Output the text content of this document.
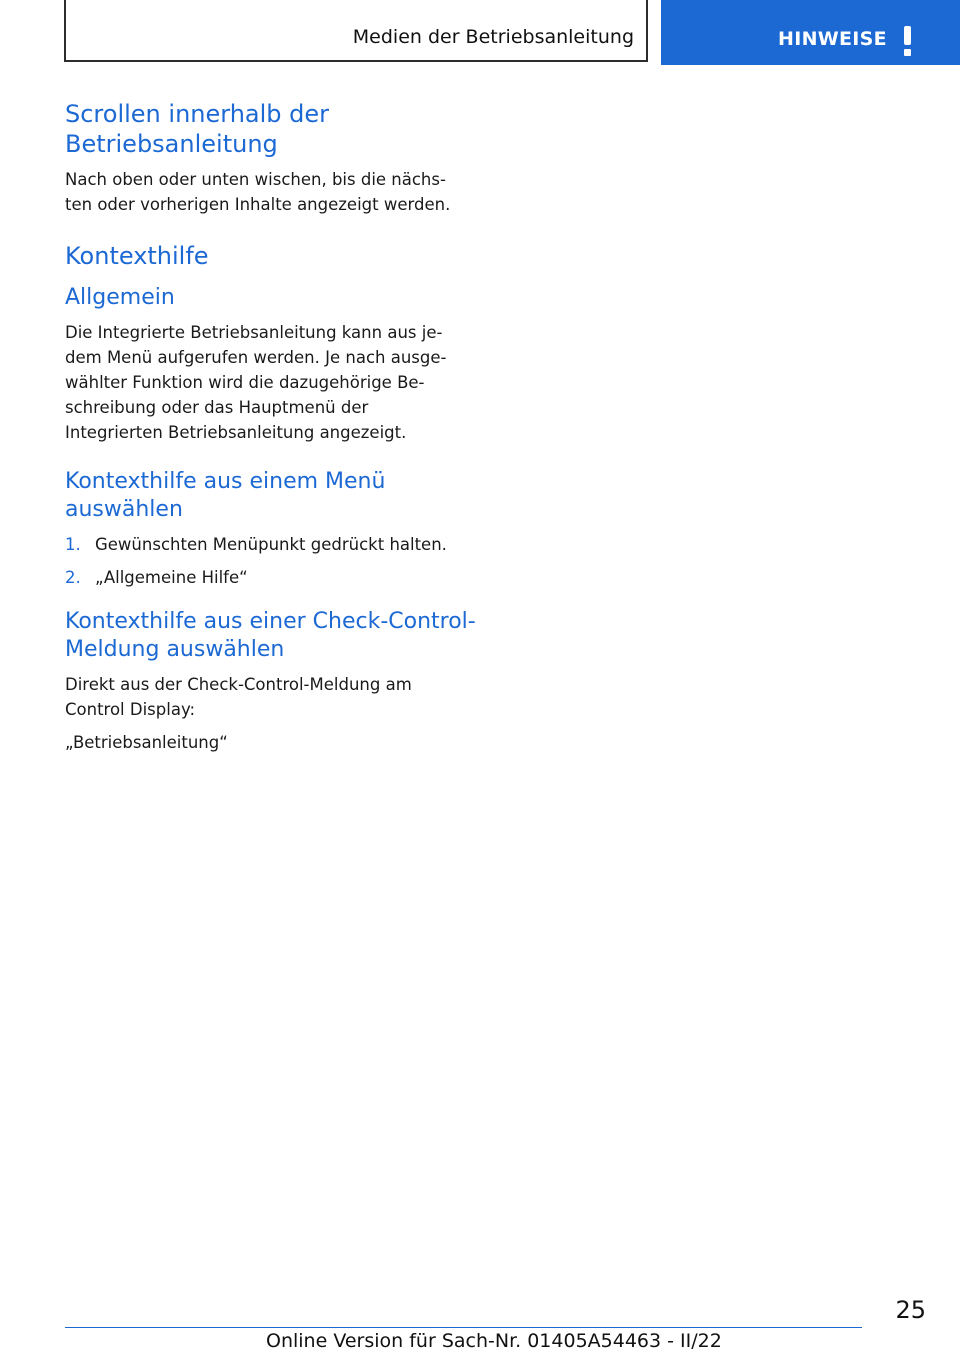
Medien der Betriebsanleitung	HINWEISE
Scrollen innerhalb der
Betriebsanleitung

Nach oben oder unten wischen, bis die nächs-
ten oder vorherigen Inhalte angezeigt werden.

Kontexthilfe
Allgemein

Die Integrierte Betriebsanleitung kann aus je-
dem Menü aufgerufen werden. Je nach ausge-
wählter Funktion wird die dazugehörige Be-
schreibung oder das Hauptmenü der
Integrierten Betriebsanleitung angezeigt.

Kontexthilfe aus einem Menü
auswählen
1. Gewünschten Menüpunkt gedrückt halten.
2. „Allgemeine Hilfe“
Kontexthilfe aus einer Check-Control-
Meldung auswählen

Direkt aus der Check-Control-Meldung am
Control Display:

„Betriebsanleitung“

25
Online Version für Sach-Nr. 01405A54463 - II/22
